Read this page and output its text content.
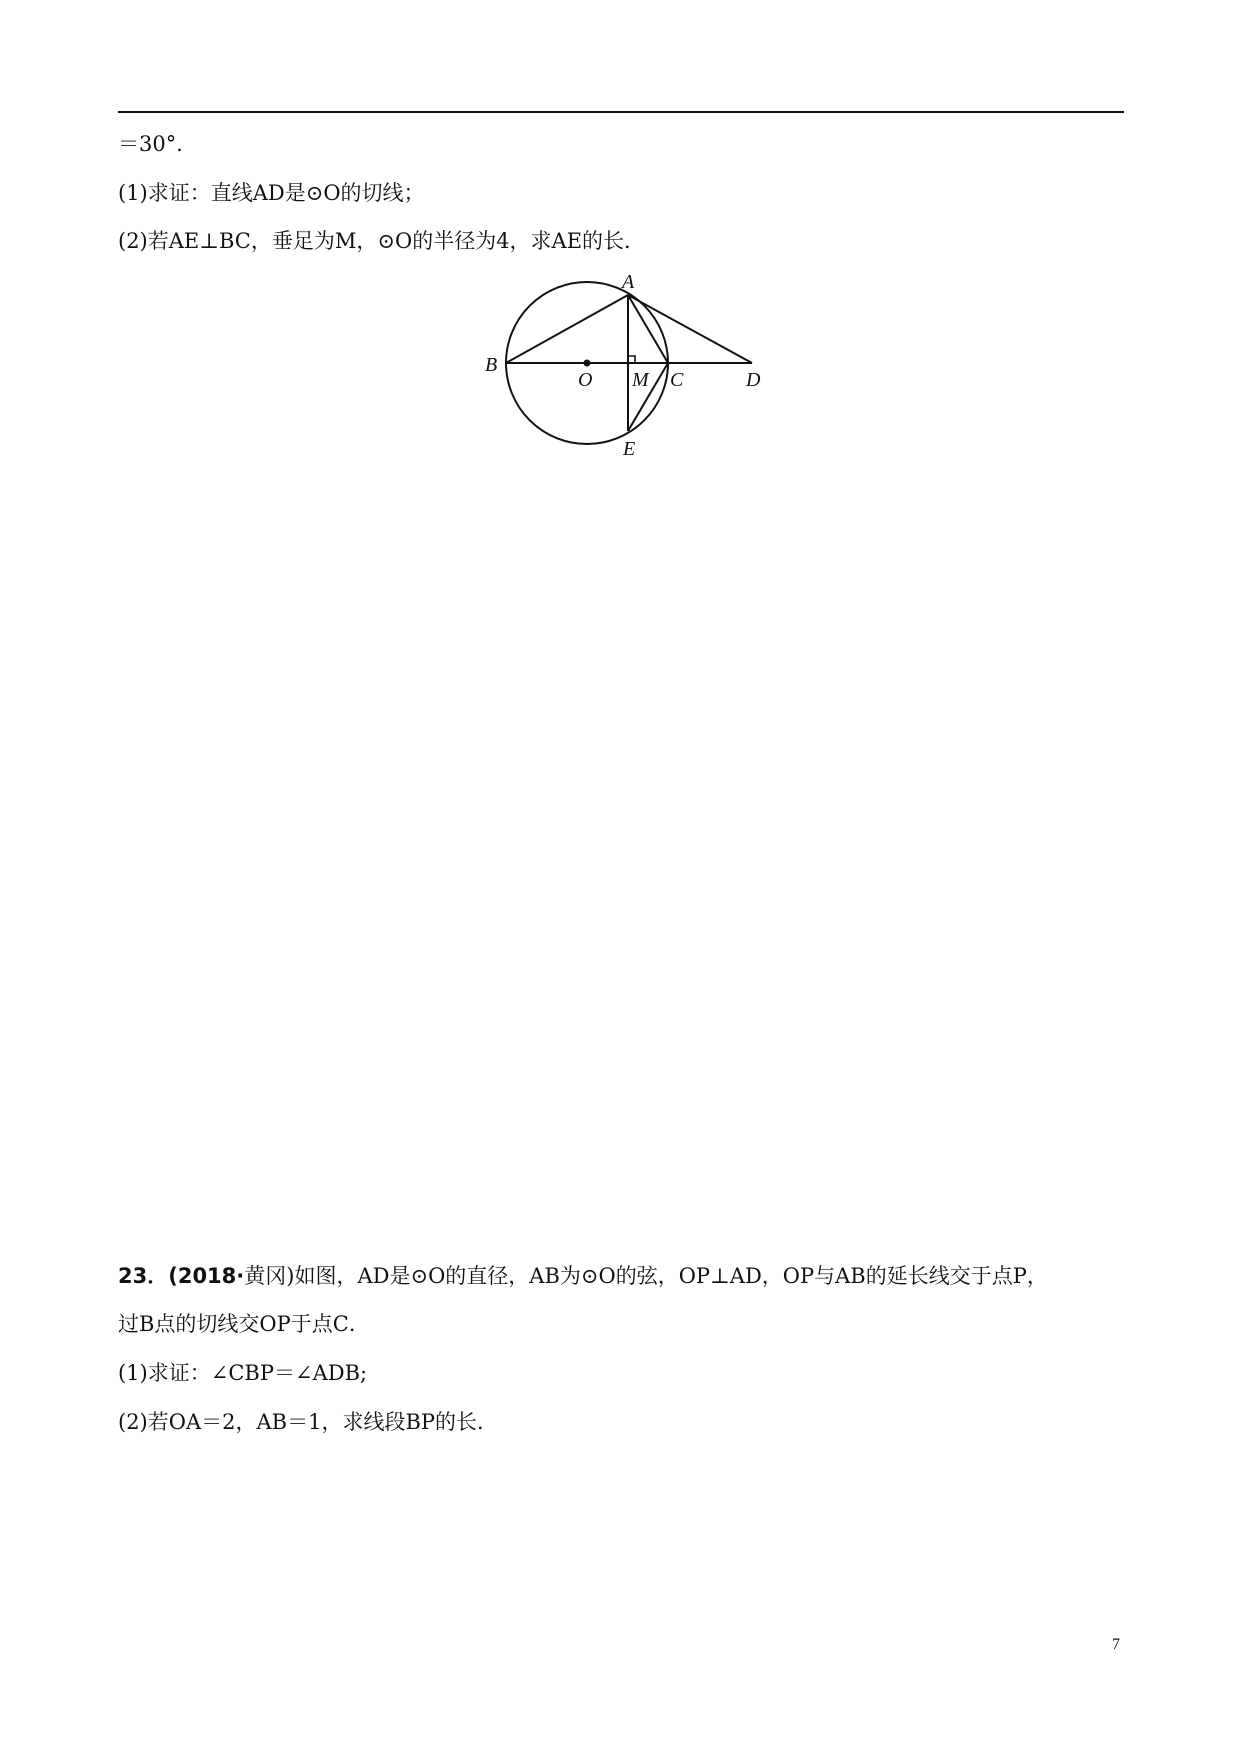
＝30°．
(1)求证：直线AD是⊙O的切线；
(2)若AE⊥BC，垂足为M，⊙O的半径为4，求AE的长．
A
B
O M C	D
E
23．(2018·黄冈)如图，AD是⊙O的直径，AB为⊙O的弦，OP⊥AD，OP与AB的延长线交于点P，
过B点的切线交OP于点C．
(1)求证：∠CBP＝∠ADB;
(2)若OA＝2，AB＝1，求线段BP的长．
7
